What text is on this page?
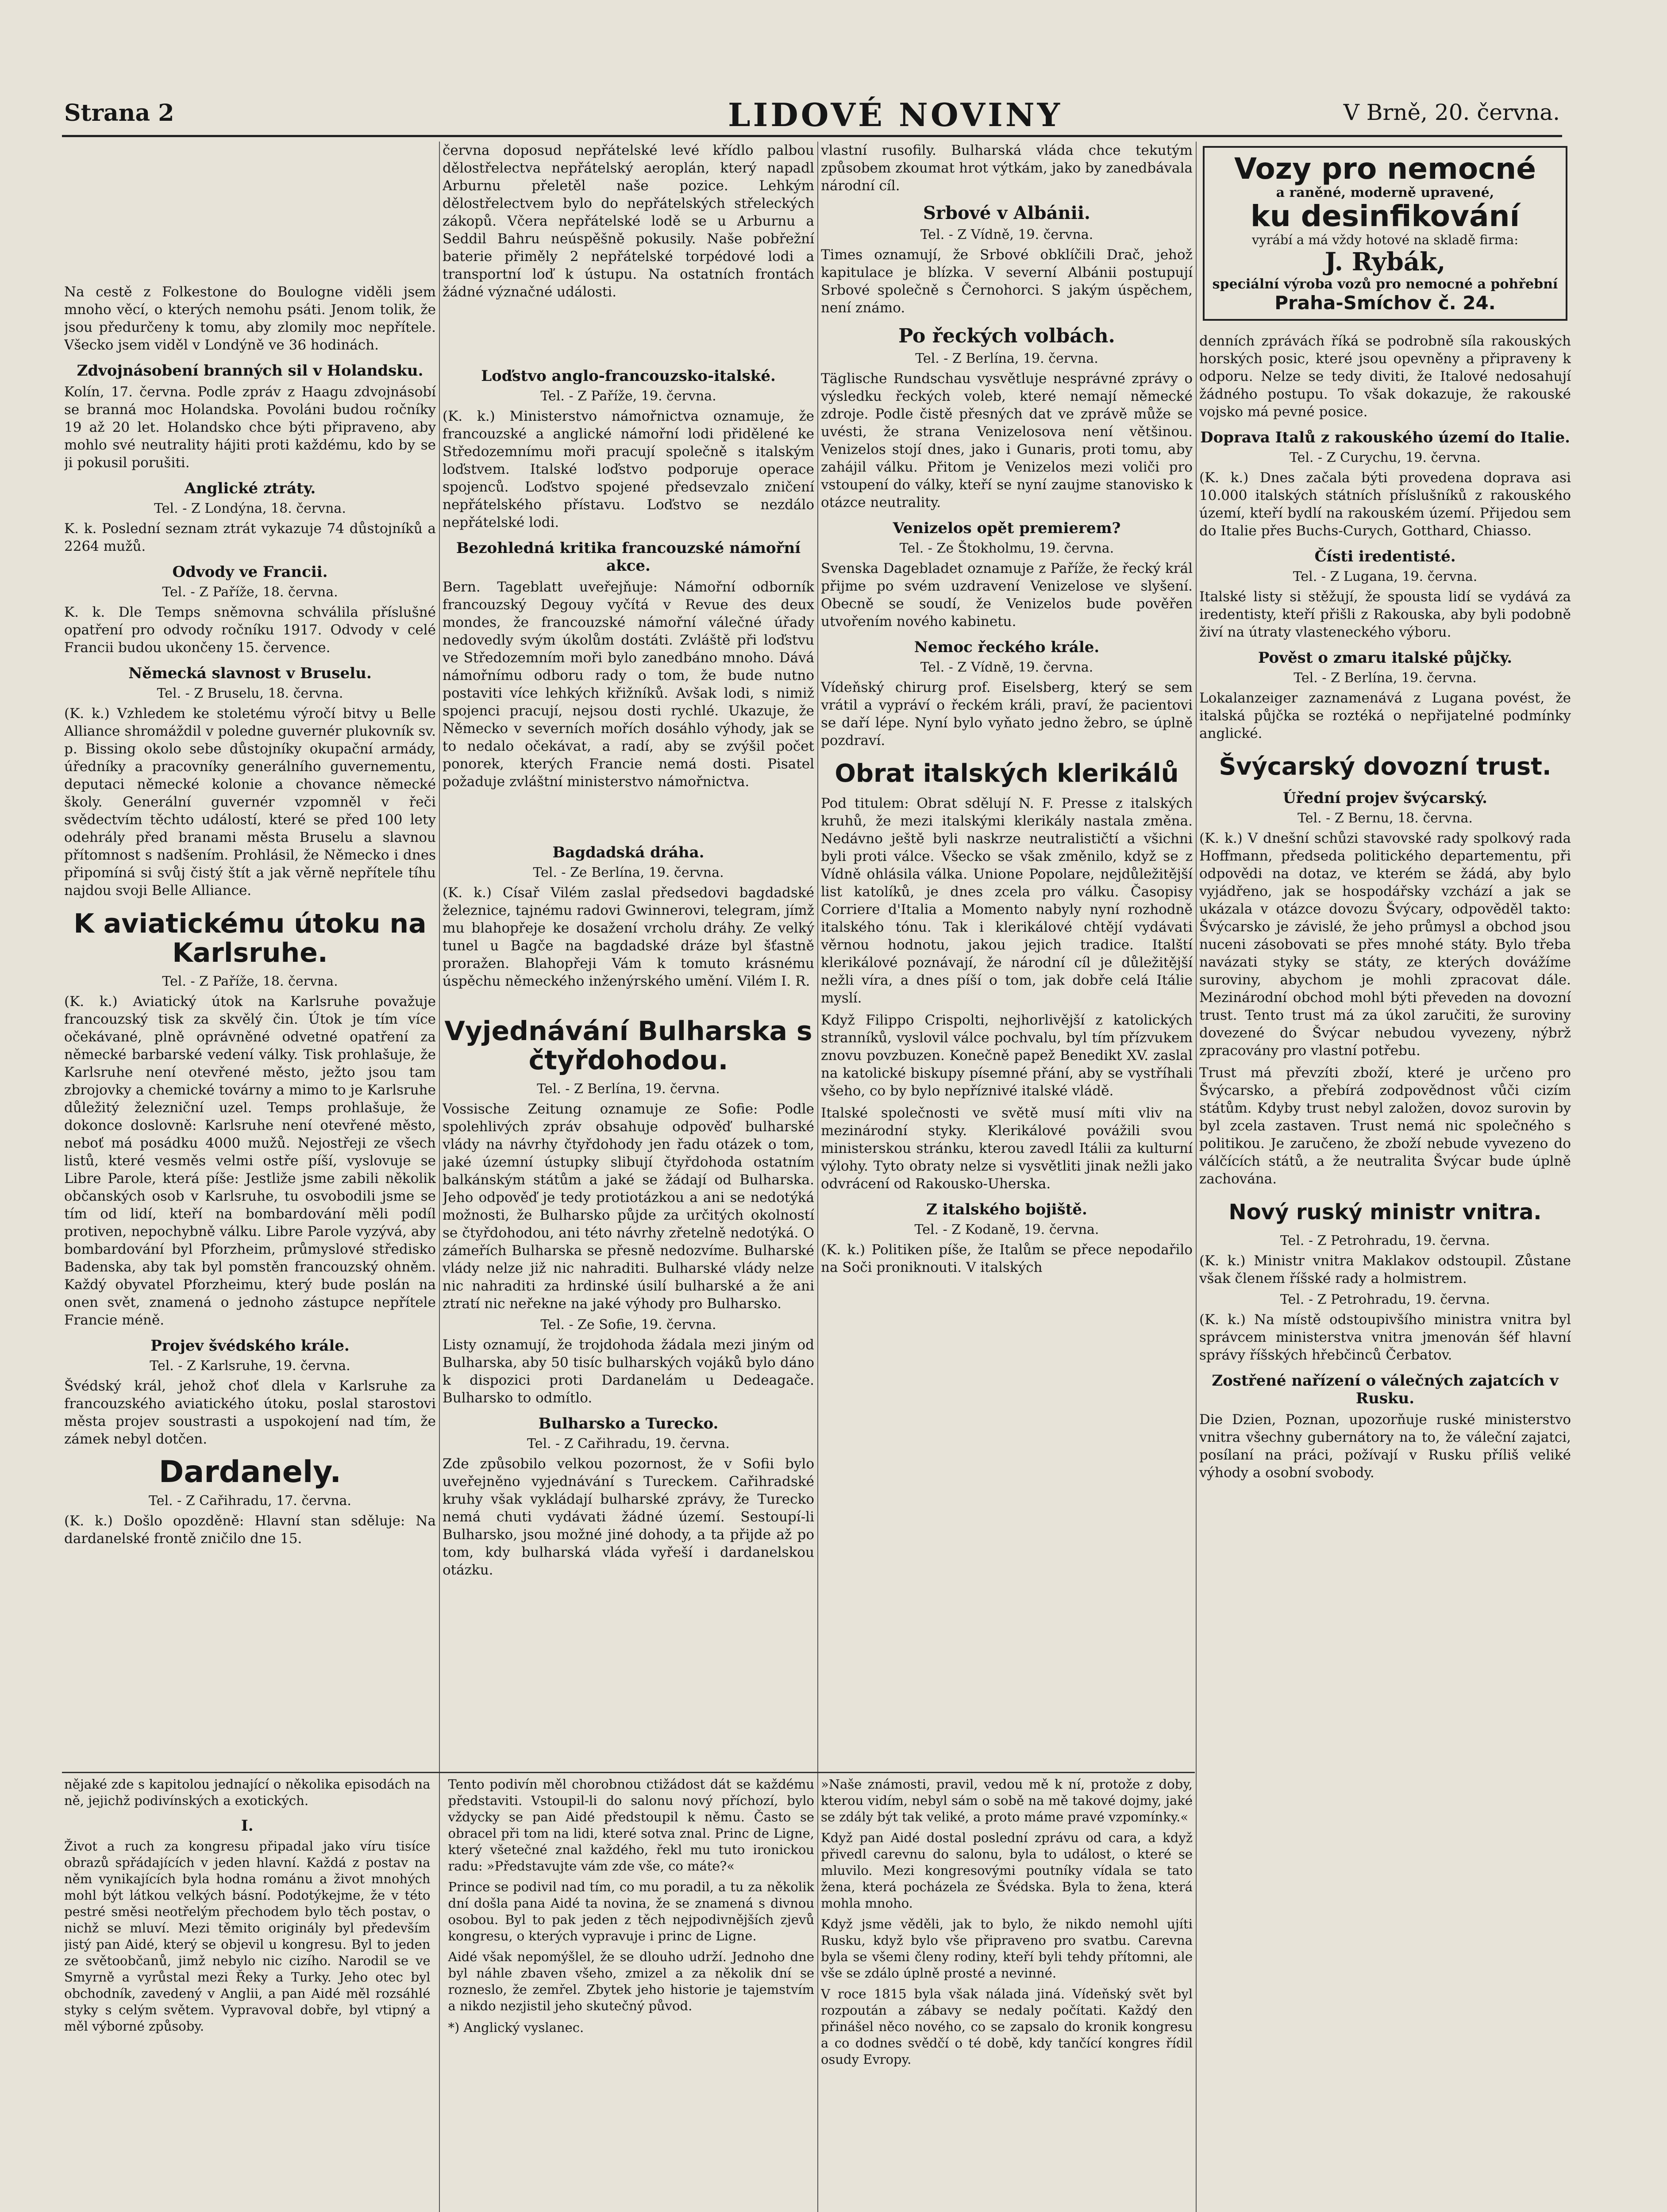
Strana 2	LIDOVÉ NOVINY	V Brně, 20. června.

Na cestě z Folkestone do Boulogne viděli jsem mnoho věcí, o kterých nemohu psáti. Jenom tolik, že jsou předurčeny k tomu, aby zlomily moc nepřítele. Všecko jsem viděl v Londýně ve 36 hodinách.

Zdvojnásobení branných sil v Holandsku.

Kolín, 17. června. Podle zpráv z Haagu zdvojnásobí se branná moc Holandska. Povoláni budou ročníky 19 až 20 let. Holandsko chce býti připraveno, aby mohlo své neutrality hájiti proti každému, kdo by se ji pokusil porušiti.

Anglické ztráty.
Tel. - Z Londýna, 18. června.

K. k. Poslední seznam ztrát vykazuje 74 důstojníků a 2264 mužů.

Odvody ve Francii.
Tel. - Z Paříže, 18. června.

K. k. Dle Temps sněmovna schválila příslušné opatření pro odvody ročníku 1917. Odvody v celé Francii budou ukončeny 15. července.

Německá slavnost v Bruselu.
Tel. - Z Bruselu, 18. června.

(K. k.) Vzhledem ke stoletému výročí bitvy u Belle Alliance shromáždil v poledne guvernér plukovník sv. p. Bissing okolo sebe důstojníky okupační armády, úředníky a pracovníky generálního guvernementu, deputaci německé kolonie a chovance německé školy. Generální guvernér vzpomněl v řeči svědectvím těchto událostí, které se před 100 lety odehrály před branami města Bruselu a slavnou přítomnost s nadšením. Prohlásil, že Německo i dnes připomíná si svůj čistý štít a jak věrně nepřítele tíhu najdou svoji Belle Alliance.

K aviatickému útoku na Karlsruhe.
Tel. - Z Paříže, 18. června.

(K. k.) Aviatický útok na Karlsruhe považuje francouzský tisk za skvělý čin. Útok je tím více očekávané, plně oprávněné odvetné opatření za německé barbarské vedení války. Tisk prohlašuje, že Karlsruhe není otevřené město, ježto jsou tam zbrojovky a chemické továrny a mimo to je Karlsruhe důležitý železniční uzel. Temps prohlašuje, že dokonce doslovně: Karlsruhe není otevřené město, neboť má posádku 4000 mužů. Nejostřeji ze všech listů, které vesměs velmi ostře píší, vyslovuje se Libre Parole, která píše: Jestliže jsme zabili několik občanských osob v Karlsruhe, tu osvobodili jsme se tím od lidí, kteří na bombardování měli podíl protiven, nepochybně válku. Libre Parole vyzývá, aby bombardování byl Pforzheim, průmyslové středisko Badenska, aby tak byl pomstěn francouzský ohněm. Každý obyvatel Pforzheimu, který bude poslán na onen svět, znamená o jednoho zástupce nepřítele Francie méně.

Projev švédského krále.
Tel. - Z Karlsruhe, 19. června.

Švédský král, jehož choť dlela v Karlsruhe za francouzského aviatického útoku, poslal starostovi města projev soustrasti a uspokojení nad tím, že zámek nebyl dotčen.

Dardanely.
Tel. - Z Cařihradu, 17. června.

(K. k.) Došlo opozděně: Hlavní stan sděluje: Na dardanelské frontě zničilo dne 15.

června doposud nepřátelské levé křídlo palbou dělostřelectva nepřátelský aeroplán, který napadl Arburnu přeletěl naše pozice. Lehkým dělostřelectvem bylo do nepřátelských střeleckých zákopů. Včera nepřátelské lodě se u Arburnu a Seddil Bahru neúspěšně pokusily. Naše pobřežní baterie přiměly 2 nepřátelské torpédové lodi a transportní loď k ústupu. Na ostatních frontách žádné význačné události.

Loďstvo anglo-francouzsko-italské.
Tel. - Z Paříže, 19. června.

(K. k.) Ministerstvo námořnictva oznamuje, že francouzské a anglické námořní lodi přidělené ke Středozemnímu moři pracují společně s italským loďstvem. Italské loďstvo podporuje operace spojenců. Loďstvo spojené předsevzalo zničení nepřátelského přístavu. Loďstvo se nezdálo nepřátelské lodi.

Bezohledná kritika francouzské námořní akce.

Bern. Tageblatt uveřejňuje: Námořní odborník francouzský Degouy vyčítá v Revue des deux mondes, že francouzské námořní válečné úřady nedovedly svým úkolům dostáti. Zvláště při loďstvu ve Středozemním moři bylo zanedbáno mnoho. Dává námořnímu odboru rady o tom, že bude nutno postaviti více lehkých křižníků. Avšak lodi, s nimiž spojenci pracují, nejsou dosti rychlé. Ukazuje, že Německo v severních mořích dosáhlo výhody, jak se to nedalo očekávat, a radí, aby se zvýšil počet ponorek, kterých Francie nemá dosti. Pisatel požaduje zvláštní ministerstvo námořnictva.

Bagdadská dráha.
Tel. - Ze Berlína, 19. června.

(K. k.) Císař Vilém zaslal předsedovi bagdadské železnice, tajnému radovi Gwinnerovi, telegram, jímž mu blahopřeje ke dosažení vrcholu dráhy. Ze velký tunel u Bagče na bagdadské dráze byl šťastně proražen. Blahopřeji Vám k tomuto krásnému úspěchu německého inženýrského umění. Vilém I. R.

Vyjednávání Bulharska s čtyřdohodou.
Tel. - Z Berlína, 19. června.

Vossische Zeitung oznamuje ze Sofie: Podle spolehlivých zpráv obsahuje odpověď bulharské vlády na návrhy čtyřdohody jen řadu otázek o tom, jaké územní ústupky slibují čtyřdohoda ostatním balkánským státům a jaké se žádají od Bulharska. Jeho odpověď je tedy protiotázkou a ani se nedotýká možnosti, že Bulharsko půjde za určitých okolností se čtyřdohodou, ani této návrhy zřetelně nedotýká. O zámeřích Bulharska se přesně nedozvíme. Bulharské vlády nelze již nic nahraditi. Bulharské vlády nelze nic nahraditi za hrdinské úsilí bulharské a že ani ztratí nic neřekne na jaké výhody pro Bulharsko.

Tel. - Ze Sofie, 19. června.

Listy oznamují, že trojdohoda žádala mezi jiným od Bulharska, aby 50 tisíc bulharských vojáků bylo dáno k dispozici proti Dardanelám u Dedeagače. Bulharsko to odmítlo.

Bulharsko a Turecko.
Tel. - Z Cařihradu, 19. června.

Zde způsobilo velkou pozornost, že v Sofii bylo uveřejněno vyjednávání s Tureckem. Cařihradské kruhy však vykládají bulharské zprávy, že Turecko nemá chuti vydávati žádné území. Sestoupí-li Bulharsko, jsou možné jiné dohody, a ta přijde až po tom, kdy bulharská vláda vyřeší i dardanelskou otázku.

vlastní rusofily. Bulharská vláda chce tekutým způsobem zkoumat hrot výtkám, jako by zanedbávala národní cíl.

Srbové v Albánii.
Tel. - Z Vídně, 19. června.

Times oznamují, že Srbové obklíčili Drač, jehož kapitulace je blízka. V severní Albánii postupují Srbové společně s Černohorci. S jakým úspěchem, není známo.

Po řeckých volbách.
Tel. - Z Berlína, 19. června.

Täglische Rundschau vysvětluje nesprávné zprávy o výsledku řeckých voleb, které nemají německé zdroje. Podle čistě přesných dat ve zprávě může se uvésti, že strana Venizelosova není většinou. Venizelos stojí dnes, jako i Gunaris, proti tomu, aby zahájil válku. Přitom je Venizelos mezi voliči pro vstoupení do války, kteří se nyní zaujme stanovisko k otázce neutrality.

Venizelos opět premierem?
Tel. - Ze Štokholmu, 19. června.

Svenska Dagebladet oznamuje z Paříže, že řecký král přijme po svém uzdravení Venizelose ve slyšení. Obecně se soudí, že Venizelos bude pověřen utvořením nového kabinetu.

Nemoc řeckého krále.
Tel. - Z Vídně, 19. června.

Vídeňský chirurg prof. Eiselsberg, který se sem vrátil a vypráví o řeckém králi, praví, že pacientovi se daří lépe. Nyní bylo vyňato jedno žebro, se úplně pozdraví.

Obrat italských klerikálů

Pod titulem: Obrat sdělují N. F. Presse z italských kruhů, že mezi italskými klerikály nastala změna. Nedávno ještě byli naskrze neutralističtí a všichni byli proti válce. Všecko se však změnilo, když se z Vídně ohlásila válka. Unione Popolare, nejdůležitější list katolíků, je dnes zcela pro válku. Časopisy Corriere d'Italia a Momento nabyly nyní rozhodně italského tónu. Tak i klerikálové chtějí vydávati věrnou hodnotu, jakou jejich tradice. Italští klerikálové poznávají, že národní cíl je důležitější nežli víra, a dnes píší o tom, jak dobře celá Itálie myslí.

Když Filippo Crispolti, nejhorlivější z katolických stranníků, vyslovil válce pochvalu, byl tím přízvukem znovu povzbuzen. Konečně papež Benedikt XV. zaslal na katolické biskupy písemné přání, aby se vystříhali všeho, co by bylo nepříznivé italské vládě.

Italské společnosti ve světě musí míti vliv na mezinárodní styky. Klerikálové povážili svou ministerskou stránku, kterou zavedl Itálii za kulturní výlohy. Tyto obraty nelze si vysvětliti jinak nežli jako odvrácení od Rakousko-Uherska.

Z italského bojiště.
Tel. - Z Kodaně, 19. června.

(K. k.) Politiken píše, že Italům se přece nepodařilo na Soči proniknouti. V italských

Vozy pro nemocné
a raněné, moderně upravené,
ku desinfikování
vyrábí a má vždy hotové na skladě firma:
J. Rybák,
speciální výroba vozů pro nemocné a pohřební
Praha-Smíchov č. 24.

denních zprávách říká se podrobně síla rakouských horských posic, které jsou opevněny a připraveny k odporu. Nelze se tedy diviti, že Italové nedosahují žádného postupu. To však dokazuje, že rakouské vojsko má pevné posice.

Doprava Italů z rakouského území do Italie.
Tel. - Z Curychu, 19. června.

(K. k.) Dnes začala býti provedena doprava asi 10.000 italských státních příslušníků z rakouského území, kteří bydlí na rakouském území. Přijedou sem do Italie přes Buchs-Curych, Gotthard, Chiasso.

Čísti iredentisté.
Tel. - Z Lugana, 19. června.

Italské listy si stěžují, že spousta lidí se vydává za iredentisty, kteří přišli z Rakouska, aby byli podobně živí na útraty vlasteneckého výboru.

Pověst o zmaru italské půjčky.
Tel. - Z Berlína, 19. června.

Lokalanzeiger zaznamenává z Lugana povést, že italská půjčka se roztéká o nepřijatelné podmínky anglické.

Švýcarský dovozní trust.
Úřední projev švýcarský.
Tel. - Z Bernu, 18. června.

(K. k.) V dnešní schůzi stavovské rady spolkový rada Hoffmann, předseda politického departementu, při odpovědi na dotaz, ve kterém se žádá, aby bylo vyjádřeno, jak se hospodářsky vzchází a jak se ukázala v otázce dovozu Švýcary, odpověděl takto: Švýcarsko je závislé, že jeho průmysl a obchod jsou nuceni zásobovati se přes mnohé státy. Bylo třeba navázati styky se státy, ze kterých dovážíme suroviny, abychom je mohli zpracovat dále. Mezinárodní obchod mohl býti převeden na dovozní trust. Tento trust má za úkol zaručiti, že suroviny dovezené do Švýcar nebudou vyvezeny, nýbrž zpracovány pro vlastní potřebu.

Trust má převzíti zboží, které je určeno pro Švýcarsko, a přebírá zodpovědnost vůči cizím státům. Kdyby trust nebyl založen, dovoz surovin by byl zcela zastaven. Trust nemá nic společného s politikou. Je zaručeno, že zboží nebude vyvezeno do válčících států, a že neutralita Švýcar bude úplně zachována.

Nový ruský ministr vnitra.
Tel. - Z Petrohradu, 19. června.

(K. k.) Ministr vnitra Maklakov odstoupil. Zůstane však členem říšské rady a holmistrem.

Tel. - Z Petrohradu, 19. června.

(K. k.) Na místě odstoupivšího ministra vnitra byl správcem ministerstva vnitra jmenován šéf hlavní správy říšských hřebčinců Čerbatov.

Zostřené nařízení o válečných zajatcích v Rusku.

Die Dzien, Poznan, upozorňuje ruské ministerstvo vnitra všechny gubernátory na to, že váleční zajatci, posílaní na práci, požívají v Rusku příliš veliké výhody a osobní svobody.

nějaké zde s kapitolou jednající o několika episodách na ně, jejichž podivínských a exotických.

I.

Život a ruch za kongresu připadal jako víru tisíce obrazů spřádajících v jeden hlavní. Každá z postav na něm vynikajících byla hodna románu a život mnohých mohl být látkou velkých básní. Podotýkejme, že v této pestré směsi neotřelým přechodem bylo těch postav, o nichž se mluví. Mezi těmito originály byl především jistý pan Aidé, který se objevil u kongresu. Byl to jeden ze světoobčanů, jimž nebylo nic cizího. Narodil se ve Smyrně a vyrůstal mezi Řeky a Turky. Jeho otec byl obchodník, zavedený v Anglii, a pan Aidé měl rozsáhlé styky s celým světem. Vypravoval dobře, byl vtipný a měl výborné způsoby.

Tento podivín měl chorobnou ctižádost dát se každému představiti. Vstoupil-li do salonu nový příchozí, bylo vždycky se pan Aidé předstoupil k němu. Často se obracel při tom na lidi, které sotva znal. Princ de Ligne, který všetečné znal každého, řekl mu tuto ironickou radu: »Představujte vám zde vše, co máte?«

Prince se podivil nad tím, co mu poradil, a tu za několik dní došla pana Aidé ta novina, že se znamená s divnou osobou. Byl to pak jeden z těch nejpodivnějších zjevů kongresu, o kterých vypravuje i princ de Ligne.

Aidé však nepomýšlel, že se dlouho udrží. Jednoho dne byl náhle zbaven všeho, zmizel a za několik dní se rozneslo, že zemřel. Zbytek jeho historie je tajemstvím a nikdo nezjistil jeho skutečný původ.

*) Anglický vyslanec.

»Naše známosti, pravil, vedou mě k ní, protože z doby, kterou vidím, nebyl sám o sobě na mě takové dojmy, jaké se zdály být tak veliké, a proto máme pravé vzpomínky.«

Když pan Aidé dostal poslední zprávu od cara, a když přivedl carevnu do salonu, byla to událost, o které se mluvilo. Mezi kongresovými poutníky vídala se tato žena, která pocházela ze Švédska. Byla to žena, která mohla mnoho.

Když jsme věděli, jak to bylo, že nikdo nemohl ujíti Rusku, když bylo vše připraveno pro svatbu. Carevna byla se všemi členy rodiny, kteří byli tehdy přítomni, ale vše se zdálo úplně prosté a nevinné.

V roce 1815 byla však nálada jiná. Vídeňský svět byl rozpoután a zábavy se nedaly počítati. Každý den přinášel něco nového, co se zapsalo do kronik kongresu a co dodnes svědčí o té době, kdy tančící kongres řídil osudy Evropy.
